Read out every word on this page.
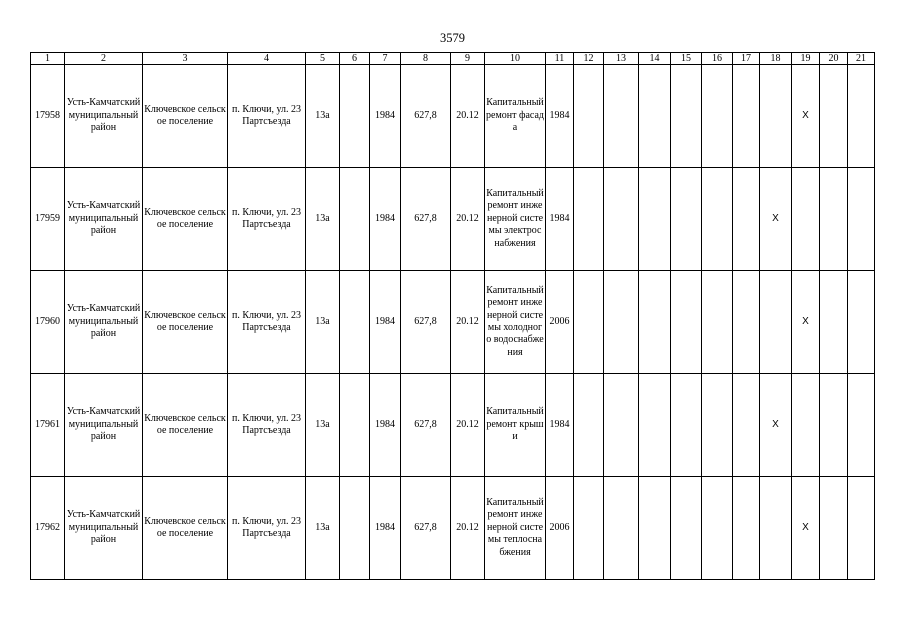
3579
1	2	3	4	5	6	7	8	9	10	11	12	13	14	15	16	17	18	19	20	21
17958	Усть-Камчатский муниципальный район	Ключевское сельское поселение	п. Ключи, ул. 23 Партсъезда	13а		1984	627,8	20.12	Капитальный ремонт фасада	1984								X		
17959	Усть-Камчатский муниципальный район	Ключевское сельское поселение	п. Ключи, ул. 23 Партсъезда	13а		1984	627,8	20.12	Капитальный ремонт инженерной системы электроснабжения	1984							X			
17960	Усть-Камчатский муниципальный район	Ключевское сельское поселение	п. Ключи, ул. 23 Партсъезда	13а		1984	627,8	20.12	Капитальный ремонт инженерной системы холодного водоснабжения	2006								X		
17961	Усть-Камчатский муниципальный район	Ключевское сельское поселение	п. Ключи, ул. 23 Партсъезда	13а		1984	627,8	20.12	Капитальный ремонт крыши	1984							X			
17962	Усть-Камчатский муниципальный район	Ключевское сельское поселение	п. Ключи, ул. 23 Партсъезда	13а		1984	627,8	20.12	Капитальный ремонт инженерной системы теплоснабжения	2006								X		
